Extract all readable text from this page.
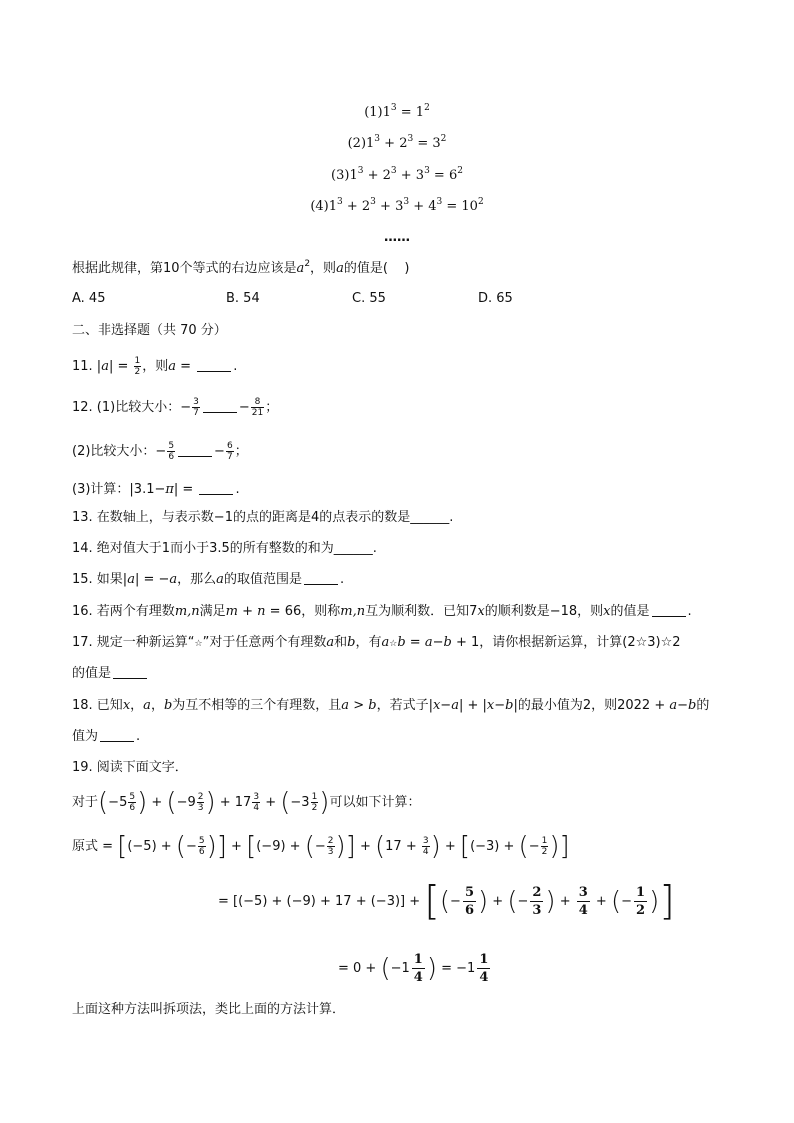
$(1)1^3 = 1^2$
$(2)1^3 + 2^3 = 3^2$
$(3)1^3 + 2^3 + 3^3 = 6^2$
$(4)1^3 + 2^3 + 3^3 + 4^3 = 10^2$
……
根据此规律，第10个等式的右边应该是$a^2$，则a的值是(    )
A. 45	B. 54	C. 55	D. 65
二、非选择题（共 70 分）
11. $|a| = \frac{1}{2}$ ，则a =	.
12. (1)比较大小：− $\frac{3}{7}$	− $\frac{8}{21}$ ；
(2)比较大小：− $\frac{5}{6}$	− $\frac{6}{7}$ ；
(3)计算：|3.1−π| =	.
13. 在数轴上，与表示数−1的点的距离是4的点表示的数是______.
14. 绝对值大于1而小于3.5的所有整数的和为______.
15. 如果|a| = −a，那么a的取值范围是	.
16. 若两个有理数m,n满足m + n = 66，则称m,n互为顺利数．已知7x的顺利数是−18，则x的值是	.
17. 规定一种新运算“☆”对于任意两个有理数a和b，有a☆b = a−b + 1，请你根据新运算，计算(2☆3)☆2
的值是
18. 已知x，a，b为互不相等的三个有理数，且a > b，若式子|x−a| + |x−b|的最小值为2，则2022 + a−b的
值为	.
19. 阅读下面文字．
对于($-5 \frac{5}{6}$ ) + ($-9 \frac{2}{3}$ ) + $17 \frac{3}{4} + (-3 \frac{1}{2}$ )可以如下计算：
原式 = [(−5) + (− $\frac{5}{6}$ )] + [(−9) + (− $\frac{2}{3}$ )] + ($17 + \frac{3}{4}$ ) + [(−3) + (− $\frac{1}{2}$ )]
= [(−5) + (−9) + 17 + (−3)] + [(− $\frac{5}{6}$ ) + (− $\frac{2}{3}$ ) + $\frac{3}{4}$ + (− $\frac{1}{2}$ )]
= $0 + (-1 \frac{1}{4}$ ) = $-1 \frac{1}{4}$
上面这种方法叫拆项法，类比上面的方法计算．
